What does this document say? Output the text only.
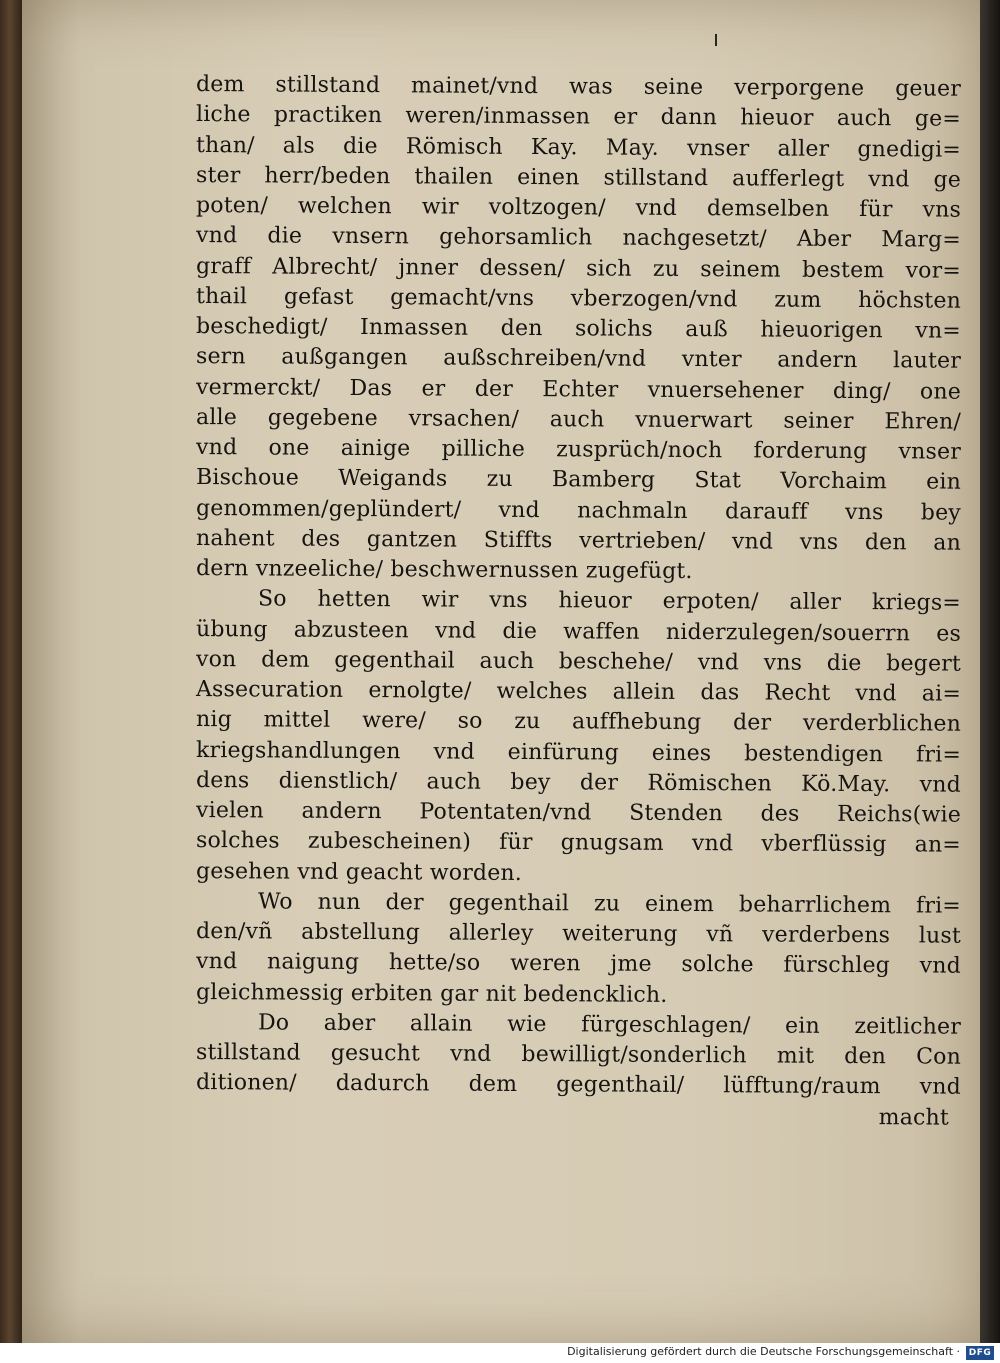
dem stillstand mainet/vnd was seine verporgene geuer
liche practiken weren/inmassen er dann hieuor auch ge=
than/ als die Römisch Kay. May. vnser aller gnedigi=
ster herr/beden thailen einen stillstand aufferlegt vnd ge
poten/ welchen wir voltzogen/ vnd demselben für vns
vnd die vnsern gehorsamlich nachgesetzt/ Aber Marg=
graff Albrecht/ jnner dessen/ sich zu seinem bestem vor=
thail gefast gemacht/vns vberzogen/vnd zum höchsten
beschedigt/ Inmassen den solichs auß hieuorigen vn=
sern außgangen außschreiben/vnd vnter andern lauter
vermerckt/ Das er der Echter vnuersehener ding/ one
alle gegebene vrsachen/ auch vnuerwart seiner Ehren/
vnd one ainige pilliche zusprüch/noch forderung vnser
Bischoue Weigands zu Bamberg Stat Vorchaim ein
genommen/geplündert/ vnd nachmaln darauff vns bey
nahent des gantzen Stiffts vertrieben/ vnd vns den an
dern vnzeeliche/ beschwernussen zugefügt.
So hetten wir vns hieuor erpoten/ aller kriegs=
übung abzusteen vnd die waffen niderzulegen/souerrn es
von dem gegenthail auch beschehe/ vnd vns die begert
Assecuration ernolgte/ welches allein das Recht vnd ai=
nig mittel were/ so zu auffhebung der verderblichen
kriegshandlungen vnd einfürung eines bestendigen fri=
dens dienstlich/ auch bey der Römischen Kö.May. vnd
vielen andern Potentaten/vnd Stenden des Reichs(wie
solches zubescheinen) für gnugsam vnd vberflüssig an=
gesehen vnd geacht worden.
Wo nun der gegenthail zu einem beharrlichem fri=
den/vñ abstellung allerley weiterung vñ verderbens lust
vnd naigung hette/so weren jme solche fürschleg vnd
gleichmessig erbiten gar nit bedencklich.
Do aber allain wie fürgeschlagen/ ein zeitlicher
stillstand gesucht vnd bewilligt/sonderlich mit den Con
ditionen/ dadurch dem gegenthail/ lüfftung/raum vnd
macht
Digitalisierung gefördert durch die Deutsche Forschungsgemeinschaft · DFG
